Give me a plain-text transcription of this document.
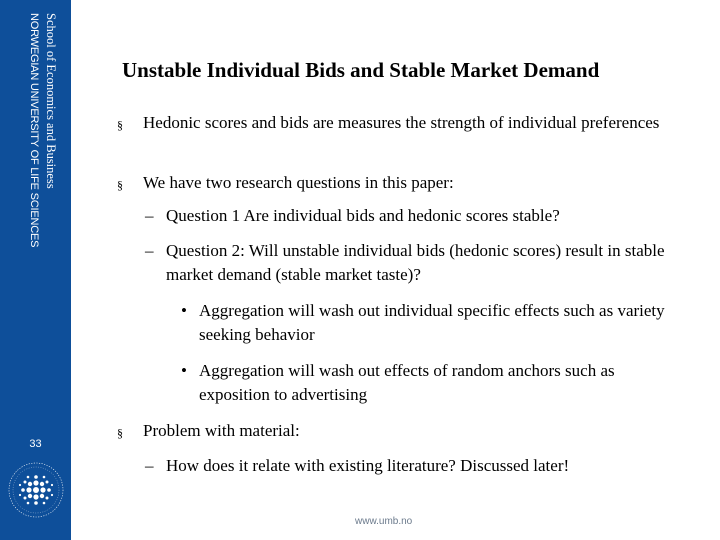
School of Economics and Business
NORWEGIAN UNIVERSITY OF LIFE SCIENCES
33
Unstable Individual Bids and Stable Market Demand
§	Hedonic scores and bids are measures the strength of individual preferences
§	We have two research questions in this paper:
– Question 1 Are individual bids and hedonic scores stable?
– Question 2: Will unstable individual bids (hedonic scores) result in stable market demand (stable market taste)?
• Aggregation will wash out individual specific effects such as variety seeking behavior
• Aggregation will wash out effects of random anchors such as exposition to advertising
§	Problem with material:
– How does it relate with existing literature? Discussed later!
www.umb.no
